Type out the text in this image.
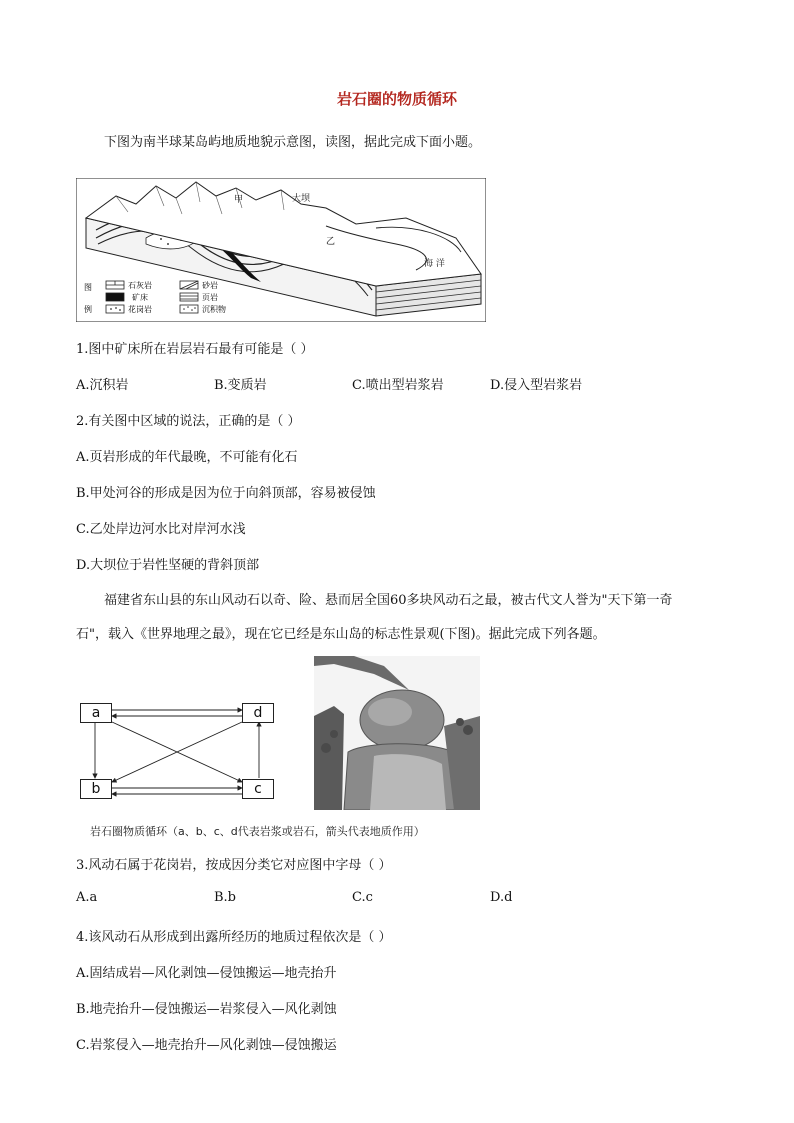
岩石圈的物质循环
下图为南半球某岛屿地质地貌示意图，读图，据此完成下面小题。
甲	大坝
乙
海 洋
图
例
石灰岩	砂岩
矿床	页岩
花岗岩	沉积物
1.图中矿床所在岩层岩石最有可能是（ ）
A.沉积岩	B.变质岩	C.喷出型岩浆岩	D.侵入型岩浆岩
2.有关图中区域的说法，正确的是（ ）
A.页岩形成的年代最晚，不可能有化石
B.甲处河谷的形成是因为位于向斜顶部，容易被侵蚀
C.乙处岸边河水比对岸河水浅
D.大坝位于岩性坚硬的背斜顶部
福建省东山县的东山风动石以奇、险、悬而居全国60多块风动石之最，被古代文人誉为"天下第一奇
石"，载入《世界地理之最》，现在它已经是东山岛的标志性景观(下图)。据此完成下列各题。
a	d
b	c
岩石圈物质循环（a、b、c、d代表岩浆或岩石，箭头代表地质作用）
3.风动石属于花岗岩，按成因分类它对应图中字母（ ）
A.a	B.b	C.c	D.d
4.该风动石从形成到出露所经历的地质过程依次是（ ）
A.固结成岩—风化剥蚀—侵蚀搬运—地壳抬升
B.地壳抬升—侵蚀搬运—岩浆侵入—风化剥蚀
C.岩浆侵入—地壳抬升—风化剥蚀—侵蚀搬运
